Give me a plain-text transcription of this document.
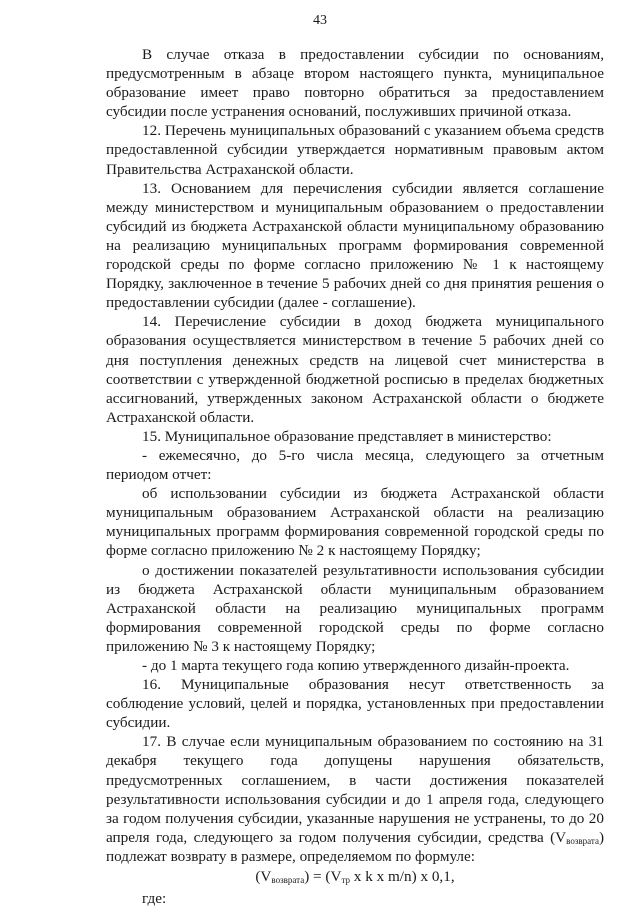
43

В случае отказа в предоставлении субсидии по основаниям, предусмотренным в абзаце втором настоящего пункта, муниципальное образование имеет право повторно обратиться за предоставлением субсидии после устранения оснований, послуживших причиной отказа.

12. Перечень муниципальных образований с указанием объема средств предоставленной субсидии утверждается нормативным правовым актом Правительства Астраханской области.

13. Основанием для перечисления субсидии является соглашение между министерством и муниципальным образованием о предоставлении субсидий из бюджета Астраханской области муниципальному образованию на реализацию муниципальных программ формирования современной городской среды по форме согласно приложению № 1 к настоящему Порядку, заключенное в течение 5 рабочих дней со дня принятия решения о предоставлении субсидии (далее - соглашение).

14. Перечисление субсидии в доход бюджета муниципального образования осуществляется министерством в течение 5 рабочих дней со дня поступления денежных средств на лицевой счет министерства в соответствии с утвержденной бюджетной росписью в пределах бюджетных ассигнований, утвержденных законом Астраханской области о бюджете Астраханской области.

15. Муниципальное образование представляет в министерство:

- ежемесячно, до 5-го числа месяца, следующего за отчетным периодом отчет:

об использовании субсидии из бюджета Астраханской области муниципальным образованием Астраханской области на реализацию муниципальных программ формирования современной городской среды по форме согласно приложению № 2 к настоящему Порядку;

о достижении показателей результативности использования субсидии из бюджета Астраханской области муниципальным образованием Астраханской области на реализацию муниципальных программ формирования современной городской среды по форме согласно приложению № 3 к настоящему Порядку;

- до 1 марта текущего года копию утвержденного дизайн-проекта.

16. Муниципальные образования несут ответственность за соблюдение условий, целей и порядка, установленных при предоставлении субсидии.

17. В случае если муниципальным образованием по состоянию на 31 декабря текущего года допущены нарушения обязательств, предусмотренных соглашением, в части достижения показателей результативности использования субсидии и до 1 апреля года, следующего за годом получения субсидии, указанные нарушения не устранены, то до 20 апреля года, следующего за годом получения субсидии, средства $(V_{возврата})$ подлежат возврату в размере, определяемом по формуле:

$(V_{возврата}) = (V_{тр}$ x k x m/n) x 0,1,

где:
